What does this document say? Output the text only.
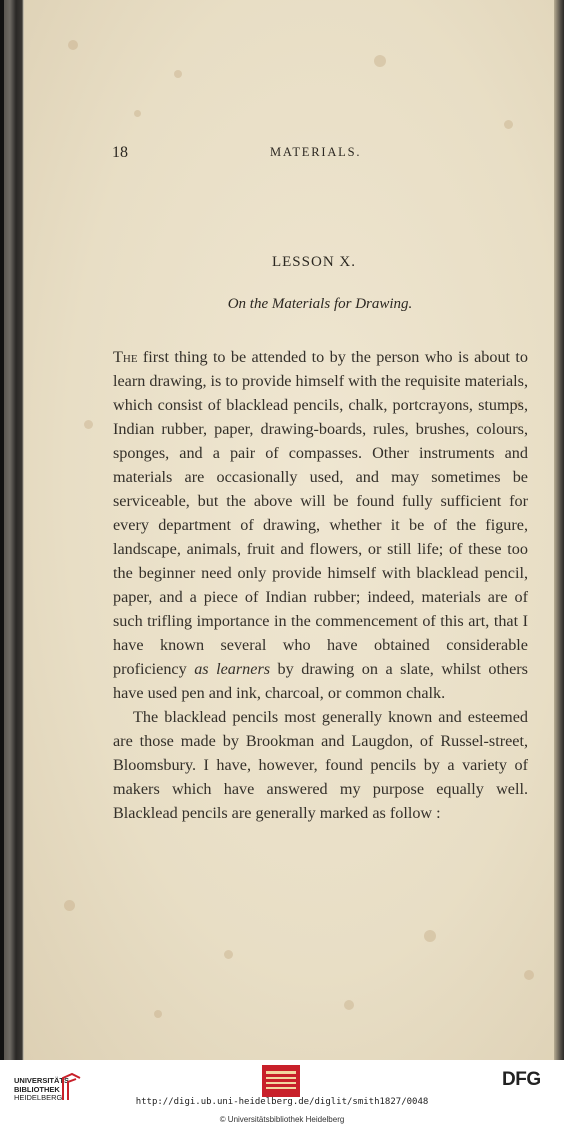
18	MATERIALS.
LESSON X.
On the Materials for Drawing.

The first thing to be attended to by the person who is about to learn drawing, is to provide himself with the requisite materials, which consist of blacklead pencils, chalk, portcrayons, stumps, Indian rubber, paper, drawing-boards, rules, brushes, colours, sponges, and a pair of compasses. Other instruments and materials are occasionally used, and may sometimes be serviceable, but the above will be found fully sufficient for every department of drawing, whether it be of the figure, landscape, animals, fruit and flowers, or still life; of these too the beginner need only provide himself with blacklead pencil, paper, and a piece of Indian rubber; indeed, materials are of such trifling importance in the commencement of this art, that I have known several who have obtained considerable proficiency as learners by drawing on a slate, whilst others have used pen and ink, charcoal, or common chalk.

The blacklead pencils most generally known and esteemed are those made by Brookman and Laugdon, of Russel-street, Bloomsbury. I have, however, found pencils by a variety of makers which have answered my purpose equally well. Blacklead pencils are generally marked as follow :

UNIVERSITÄTS-
BIBLIOTHEK
HEIDELBERG
DFG
http://digi.ub.uni-heidelberg.de/diglit/smith1827/0048
© Universitätsbibliothek Heidelberg
